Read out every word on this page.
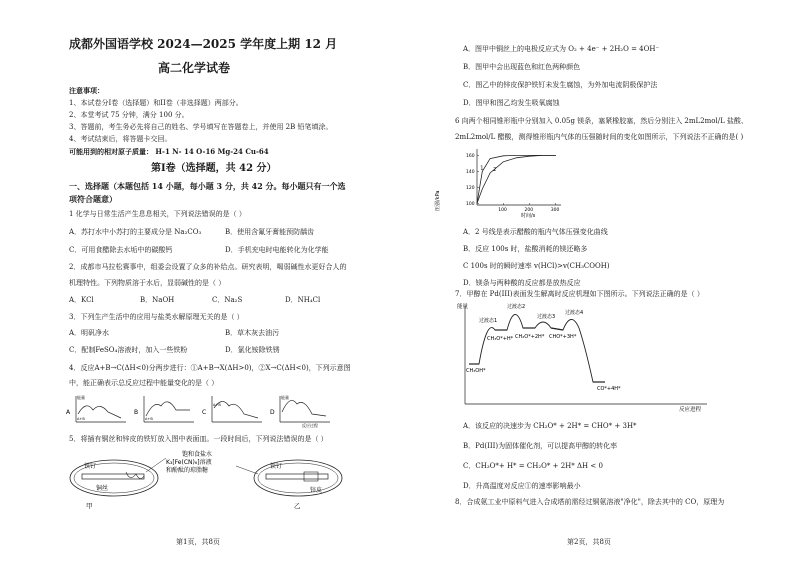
成都外国语学校 2024—2025 学年度上期 12 月
高二化学试卷
注意事项：
1、本试卷分I卷（选择题）和II卷（非选择题）两部分。
2、本堂考试 75 分钟，满分 100 分。
3、答题前，考生务必先将自己的姓名、学号填写在答题卷上，并使用 2B 铅笔填涂。
4、考试结束后，将答题卡交回。
可能用到的相对原子质量： H-1 N- 14 O-16 Mg-24 Cu-64
第I卷（选择题，共 42 分）
一、选择题（本题包括 14 小题，每小题 3 分，共 42 分。每小题只有一个选
项符合题意）
1 化学与日常生活产生息息相关，下列说法错误的是（ ）
A．苏打水中小苏打的主要成分是 Na₂CO₃	B．使用含氟牙膏能预防龋齿
C．可用食醋除去水垢中的碳酸钙	D．手机充电时电能转化为化学能
2．成都市马拉松赛事中，组委会设置了众多的补给点。研究表明，喝弱碱性水更好合人的
机理特性。下列物质溶于水后，显弱碱性的是（ ）
A．KCl	B．NaOH	C．Na₂S	D．NH₄Cl
3．下列生产生活中的应用与盐类水解原理无关的是（ ）
A．明矾净水	B．草木灰去油污
C．配制FeSO₄溶液时，加入一些铁粉	D．氯化铵除铁锈
4．反应A+B→C(ΔH<0)分两步进行：①A+B→X(ΔH>0)，②X→C(ΔH<0)，下列示意图
中，能正确表示总反应过程中能量变化的是（ ）
A
能量
A+B
B
A+B
C
A+B
D
能量
反应过程
5．将插有铜丝和锌皮的铁钉放入图中表面皿。一段时间后，下列说法错误的是（ ）
铁钉
铜丝
甲
饱和食盐水
K₃[Fe(CN)₆]溶液
和酚酞的琼脂糖
铁钉
锌皮
乙
第1页，共8页
A．图甲中铜丝上的电极反应式为 O₂ + 4e⁻ + 2H₂O = 4OH⁻
B．图甲中会出现蓝色和红色两种颜色
C．图乙中的锌皮保护铁钉未发生腐蚀，为外加电流阴极保护法
D．图甲和图乙均发生吸氧腐蚀
6 向两个相同锥形瓶中分别加入 0.05g 镁条，塞紧橡胶塞，然后分别注入 2mL2mol/L 盐酸、
2mL2mol/L 醋酸，测得锥形瓶内气体的压强随时间的变化如图所示，下列说法不正确的是( )
压强/kPa
时间/s
100	200	300
100
120
140
160
1 2
A．2 号线是表示醋酸的瓶内气体压强变化曲线
B．反应 100s 时，盐酸消耗的镁还略多
C 100s 时的瞬时速率 v(HCl)>v(CH₃COOH)
D．镁条与两种酸的反应都是放热反应
7．甲醇在 Pd(III)表面发生解离时反应机理如下图所示。下列说法正确的是（ ）
能量
反应进程
CH₃OH*
CH₃O*+H* CH₂O*+2H* CHO*+3H*
CO*+4H*
过渡态1
过渡态2
过渡态3
过渡态4
A．该反应的决速步为 CH₂O* + 2H* = CHO* + 3H*
B．Pd(III)为固体催化剂，可以提高甲醇的转化率
C．CH₃O*+ H* = CH₂O* + 2H* ΔH < 0
D．升高温度对反应①的速率影响最小
8．合成氨工业中原料气进入合成塔前需经过铜氨溶液"净化"，除去其中的 CO，原理为
第2页，共8页
